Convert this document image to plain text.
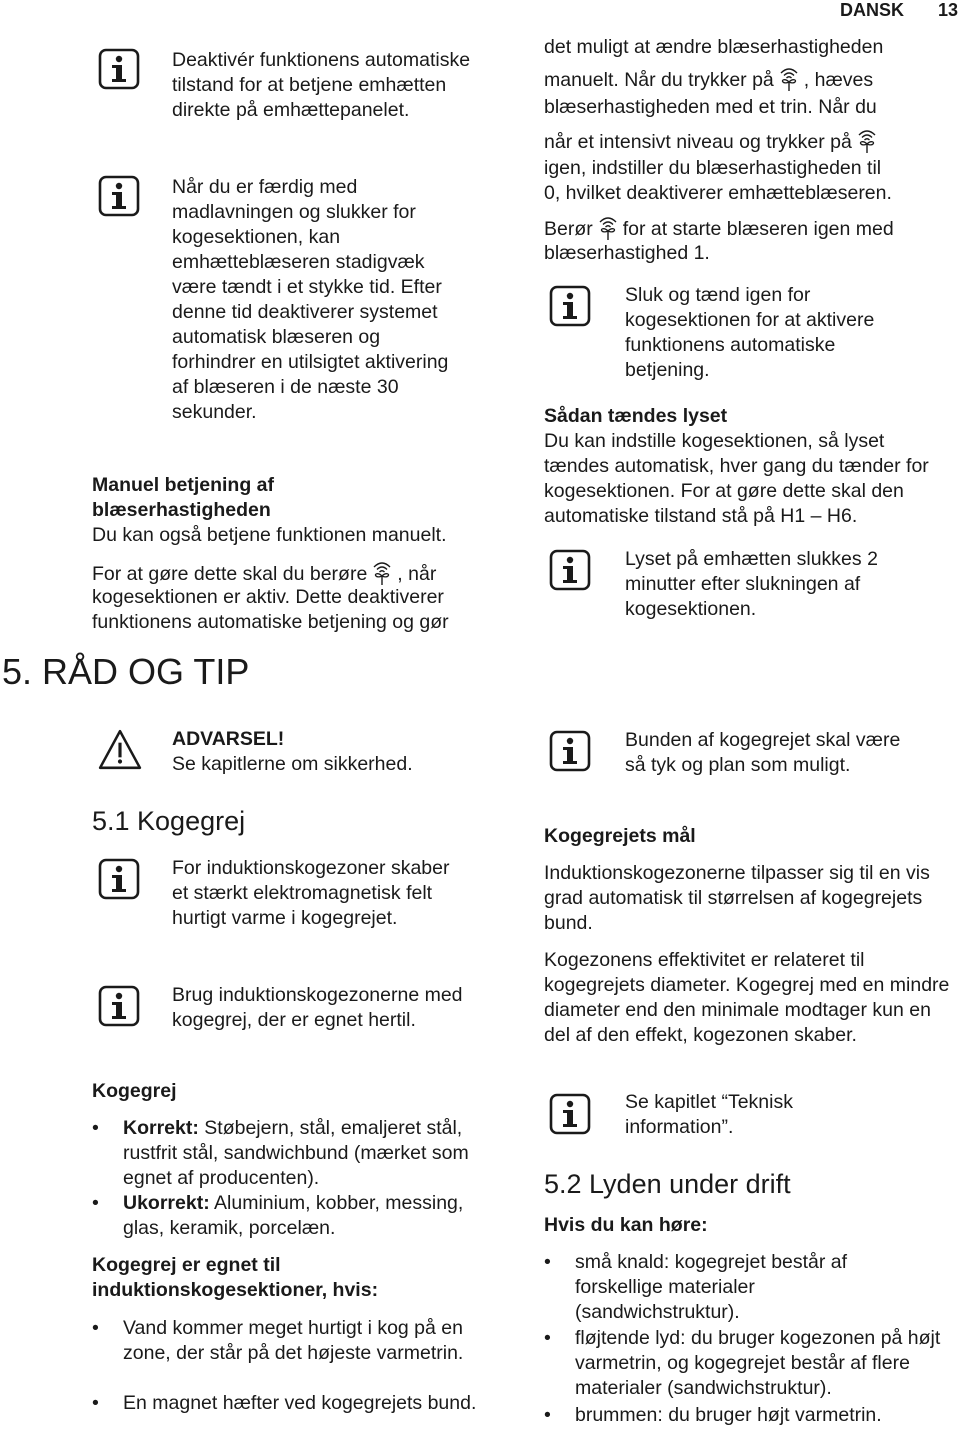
DANSK 13
Deaktivér funktionens automatiske tilstand for at betjene emhætten direkte på emhættepanelet.
Når du er færdig med madlavningen og slukker for kogesektionen, kan emhætteblæseren stadigvæk være tændt i et stykke tid. Efter denne tid deaktiverer systemet automatisk blæseren og forhindrer en utilsigtet aktivering af blæseren i de næste 30 sekunder.
Manuel betjening af
blæserhastigheden
Du kan også betjene funktionen manuelt.
For at gøre dette skal du berøre , når
kogesektionen er aktiv. Dette deaktiverer
funktionens automatiske betjening og gør
det muligt at ændre blæserhastigheden
manuelt. Når du trykker på , hæves
blæserhastigheden med et trin. Når du
når et intensivt niveau og trykker på
igen, indstiller du blæserhastigheden til
0, hvilket deaktiverer emhætteblæseren.
Berør for at starte blæseren igen med
blæserhastighed 1.
Sluk og tænd igen for kogesektionen for at aktivere funktionens automatiske betjening.
Sådan tændes lyset
Du kan indstille kogesektionen, så lyset tændes automatisk, hver gang du tænder for kogesektionen. For at gøre dette skal den automatiske tilstand stå på H1 – H6.
Lyset på emhætten slukkes 2 minutter efter slukningen af kogesektionen.
5. RÅD OG TIP
ADVARSEL!
Se kapitlerne om sikkerhed.
5.1 Kogegrej
For induktionskogezoner skaber et stærkt elektromagnetisk felt hurtigt varme i kogegrejet.
Brug induktionskogezonerne med kogegrej, der er egnet hertil.
Kogegrej
• Korrekt: Støbejern, stål, emaljeret stål, rustfrit stål, sandwichbund (mærket som egnet af producenten).
• Ukorrekt: Aluminium, kobber, messing, glas, keramik, porcelæn.
Kogegrej er egnet til induktionskogesektioner, hvis:
• Vand kommer meget hurtigt i kog på en zone, der står på det højeste varmetrin.
• En magnet hæfter ved kogegrejets bund.
Bunden af kogegrejet skal være så tyk og plan som muligt.
Kogegrejets mål
Induktionskogezonerne tilpasser sig til en vis grad automatisk til størrelsen af kogegrejets bund.
Kogezonens effektivitet er relateret til kogegrejets diameter. Kogegrej med en mindre diameter end den minimale modtager kun en del af den effekt, kogezonen skaber.
Se kapitlet “Teknisk information”.
5.2 Lyden under drift
Hvis du kan høre:
• små knald: kogegrejet består af forskellige materialer (sandwichstruktur).
• fløjtende lyd: du bruger kogezonen på højt varmetrin, og kogegrejet består af flere materialer (sandwichstruktur).
• brummen: du bruger højt varmetrin.
